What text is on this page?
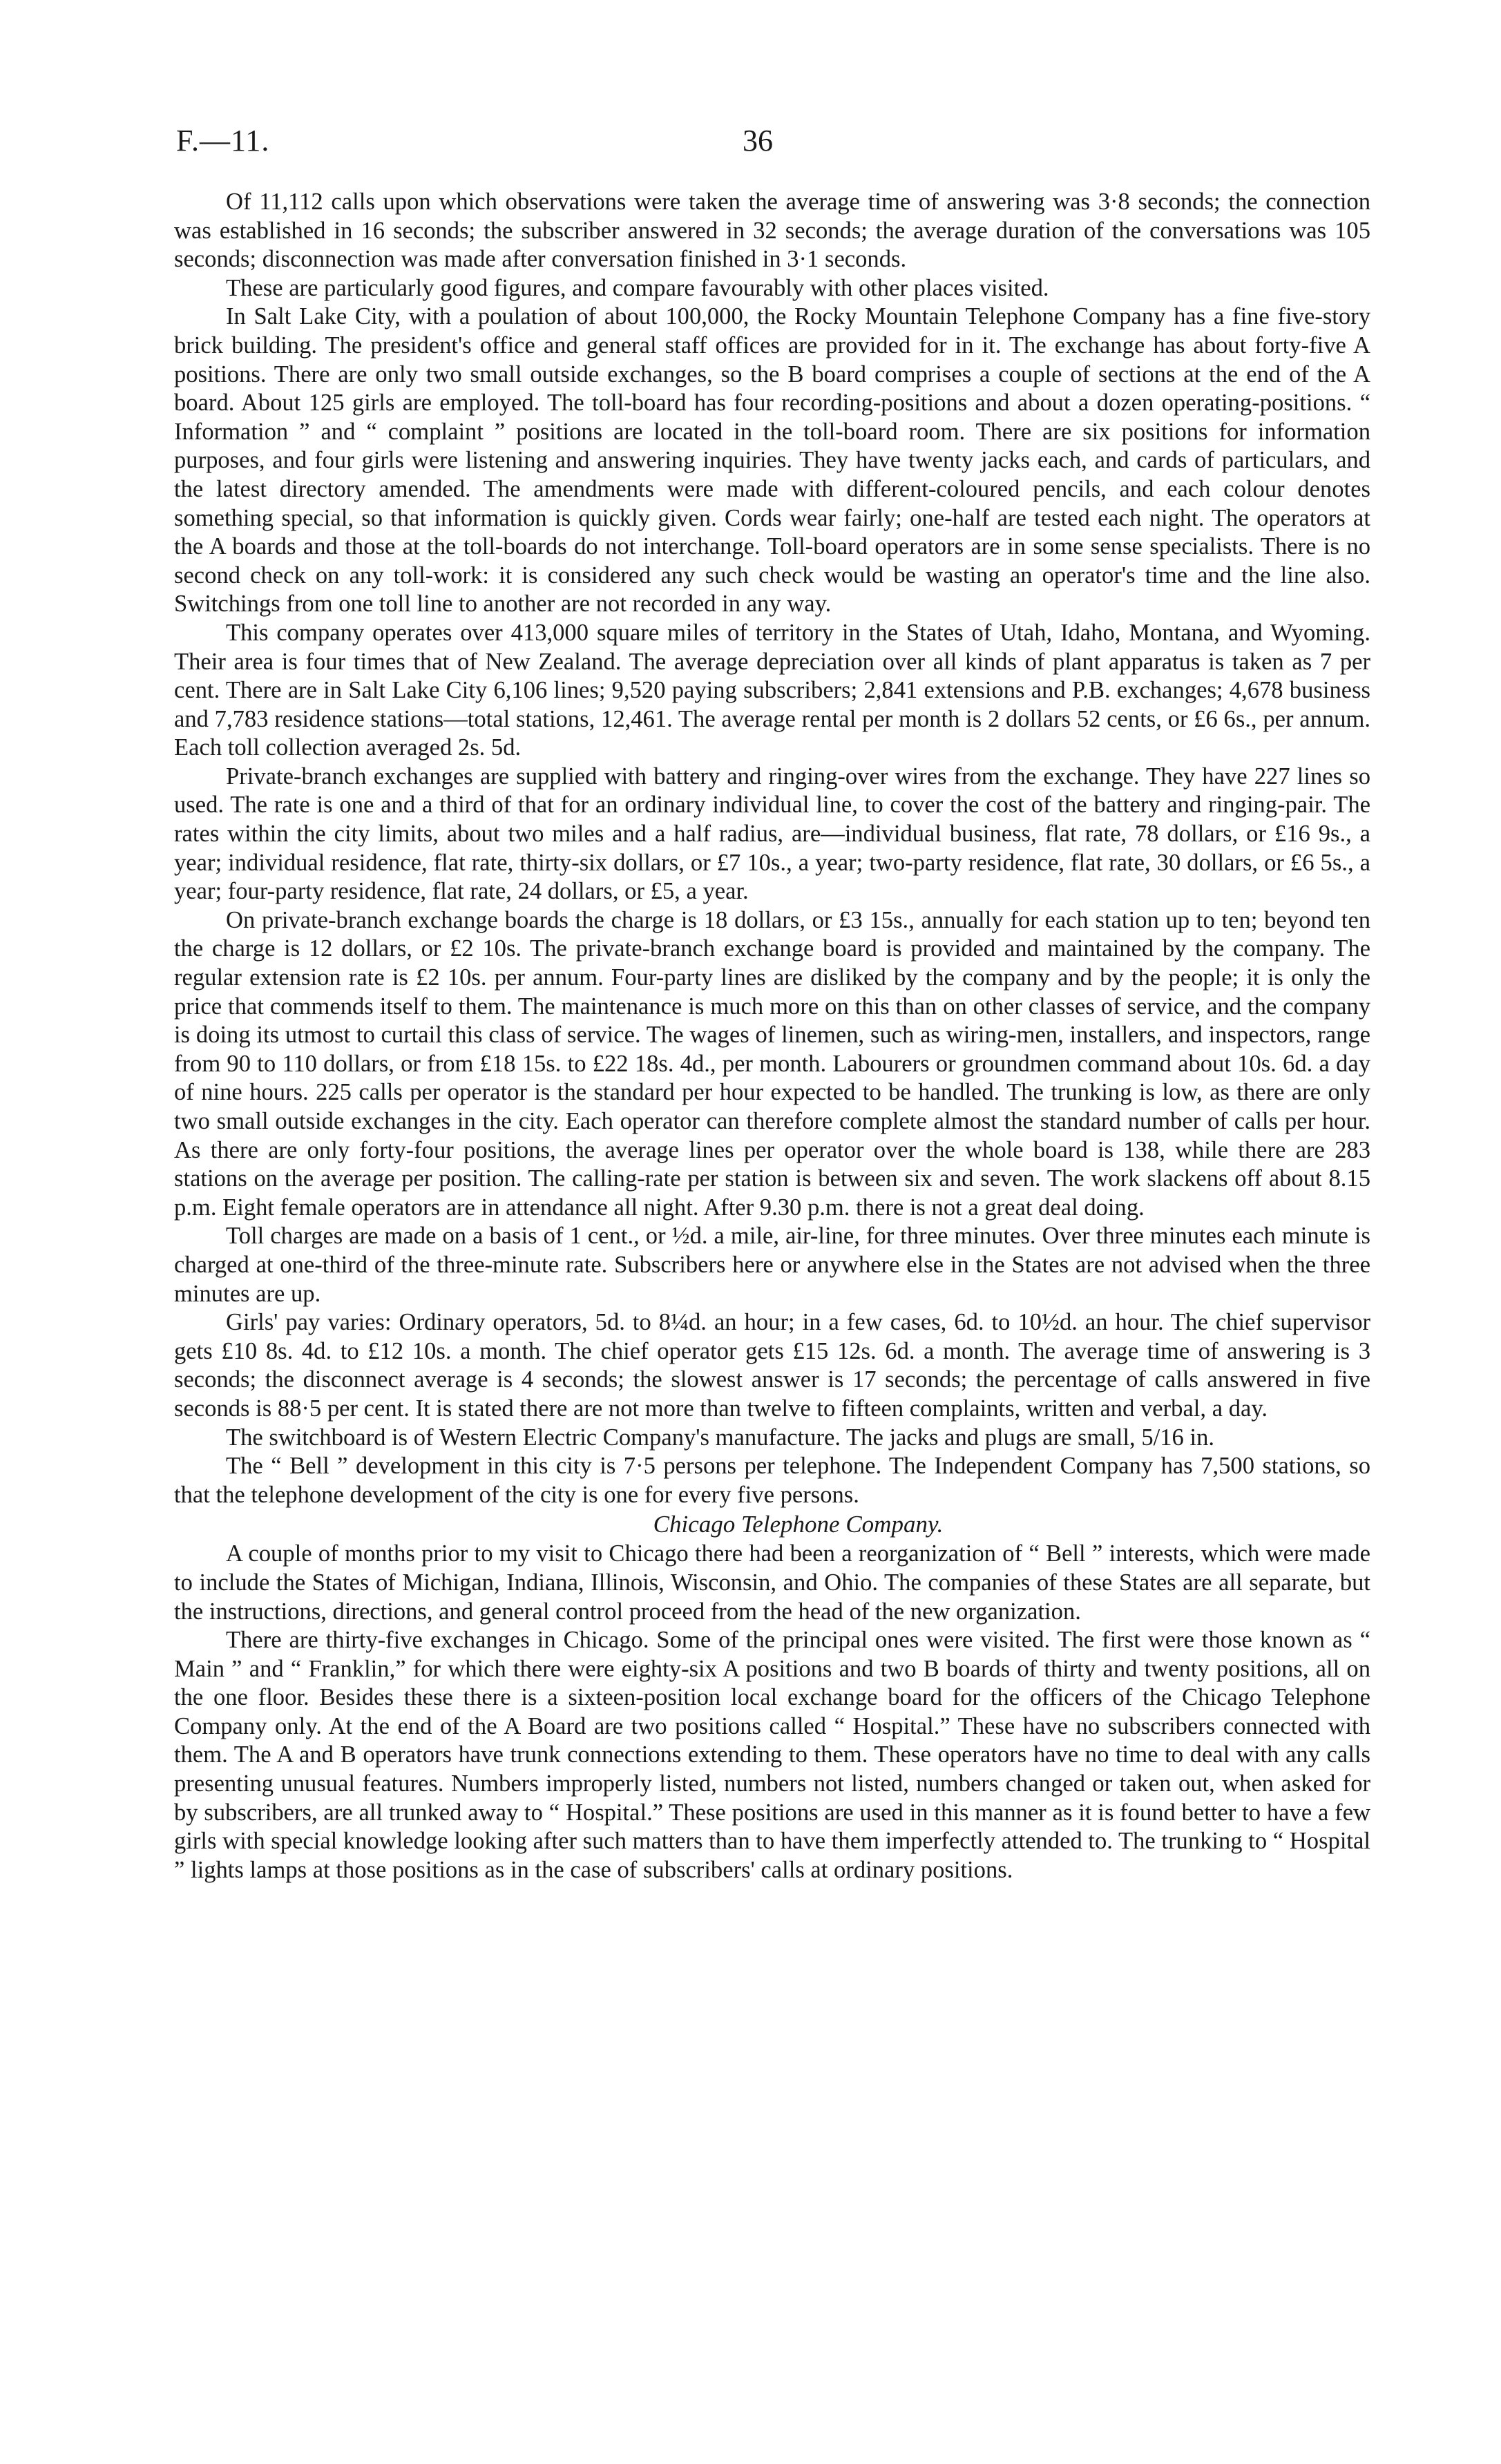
F.—11.	36

Of 11,112 calls upon which observations were taken the average time of answering was 3·8 seconds; the connection was established in 16 seconds; the subscriber answered in 32 seconds; the average duration of the conversations was 105 seconds; disconnection was made after conversation finished in 3·1 seconds.

These are particularly good figures, and compare favourably with other places visited.

In Salt Lake City, with a poulation of about 100,000, the Rocky Mountain Telephone Company has a fine five-story brick building. The president's office and general staff offices are provided for in it. The exchange has about forty-five A positions. There are only two small outside exchanges, so the B board comprises a couple of sections at the end of the A board. About 125 girls are employed. The toll-board has four recording-positions and about a dozen operating-positions. “ Information ” and “ complaint ” positions are located in the toll-board room. There are six positions for information purposes, and four girls were listening and answering inquiries. They have twenty jacks each, and cards of particulars, and the latest directory amended. The amendments were made with different-coloured pencils, and each colour denotes something special, so that information is quickly given. Cords wear fairly; one-half are tested each night. The operators at the A boards and those at the toll-boards do not interchange. Toll-board operators are in some sense specialists. There is no second check on any toll-work: it is considered any such check would be wasting an operator's time and the line also. Switchings from one toll line to another are not recorded in any way.

This company operates over 413,000 square miles of territory in the States of Utah, Idaho, Montana, and Wyoming. Their area is four times that of New Zealand. The average depreciation over all kinds of plant apparatus is taken as 7 per cent. There are in Salt Lake City 6,106 lines; 9,520 paying subscribers; 2,841 extensions and P.B. exchanges; 4,678 business and 7,783 residence stations—total stations, 12,461. The average rental per month is 2 dollars 52 cents, or £6 6s., per annum. Each toll collection averaged 2s. 5d.

Private-branch exchanges are supplied with battery and ringing-over wires from the exchange. They have 227 lines so used. The rate is one and a third of that for an ordinary individual line, to cover the cost of the battery and ringing-pair. The rates within the city limits, about two miles and a half radius, are—individual business, flat rate, 78 dollars, or £16 9s., a year; individual residence, flat rate, thirty-six dollars, or £7 10s., a year; two-party residence, flat rate, 30 dollars, or £6 5s., a year; four-party residence, flat rate, 24 dollars, or £5, a year.

On private-branch exchange boards the charge is 18 dollars, or £3 15s., annually for each station up to ten; beyond ten the charge is 12 dollars, or £2 10s. The private-branch exchange board is provided and maintained by the company. The regular extension rate is £2 10s. per annum. Four-party lines are disliked by the company and by the people; it is only the price that commends itself to them. The maintenance is much more on this than on other classes of service, and the company is doing its utmost to curtail this class of service. The wages of linemen, such as wiring-men, installers, and inspectors, range from 90 to 110 dollars, or from £18 15s. to £22 18s. 4d., per month. Labourers or groundmen command about 10s. 6d. a day of nine hours. 225 calls per operator is the standard per hour expected to be handled. The trunking is low, as there are only two small outside exchanges in the city. Each operator can therefore complete almost the standard number of calls per hour. As there are only forty-four positions, the average lines per operator over the whole board is 138, while there are 283 stations on the average per position. The calling-rate per station is between six and seven. The work slackens off about 8.15 p.m. Eight female operators are in attendance all night. After 9.30 p.m. there is not a great deal doing.

Toll charges are made on a basis of 1 cent., or ½d. a mile, air-line, for three minutes. Over three minutes each minute is charged at one-third of the three-minute rate. Subscribers here or anywhere else in the States are not advised when the three minutes are up.

Girls' pay varies: Ordinary operators, 5d. to 8¼d. an hour; in a few cases, 6d. to 10½d. an hour. The chief supervisor gets £10 8s. 4d. to £12 10s. a month. The chief operator gets £15 12s. 6d. a month. The average time of answering is 3 seconds; the disconnect average is 4 seconds; the slowest answer is 17 seconds; the percentage of calls answered in five seconds is 88·5 per cent. It is stated there are not more than twelve to fifteen complaints, written and verbal, a day.

The switchboard is of Western Electric Company's manufacture. The jacks and plugs are small, 5/16 in.

The “ Bell ” development in this city is 7·5 persons per telephone. The Independent Company has 7,500 stations, so that the telephone development of the city is one for every five persons.

Chicago Telephone Company.

A couple of months prior to my visit to Chicago there had been a reorganization of “ Bell ” interests, which were made to include the States of Michigan, Indiana, Illinois, Wisconsin, and Ohio. The companies of these States are all separate, but the instructions, directions, and general control proceed from the head of the new organization.

There are thirty-five exchanges in Chicago. Some of the principal ones were visited. The first were those known as “ Main ” and “ Franklin,” for which there were eighty-six A positions and two B boards of thirty and twenty positions, all on the one floor. Besides these there is a sixteen-position local exchange board for the officers of the Chicago Telephone Company only. At the end of the A Board are two positions called “ Hospital.” These have no subscribers connected with them. The A and B operators have trunk connections extending to them. These operators have no time to deal with any calls presenting unusual features. Numbers improperly listed, numbers not listed, numbers changed or taken out, when asked for by subscribers, are all trunked away to “ Hospital.” These positions are used in this manner as it is found better to have a few girls with special knowledge looking after such matters than to have them imperfectly attended to. The trunking to “ Hospital ” lights lamps at those positions as in the case of subscribers' calls at ordinary positions.
